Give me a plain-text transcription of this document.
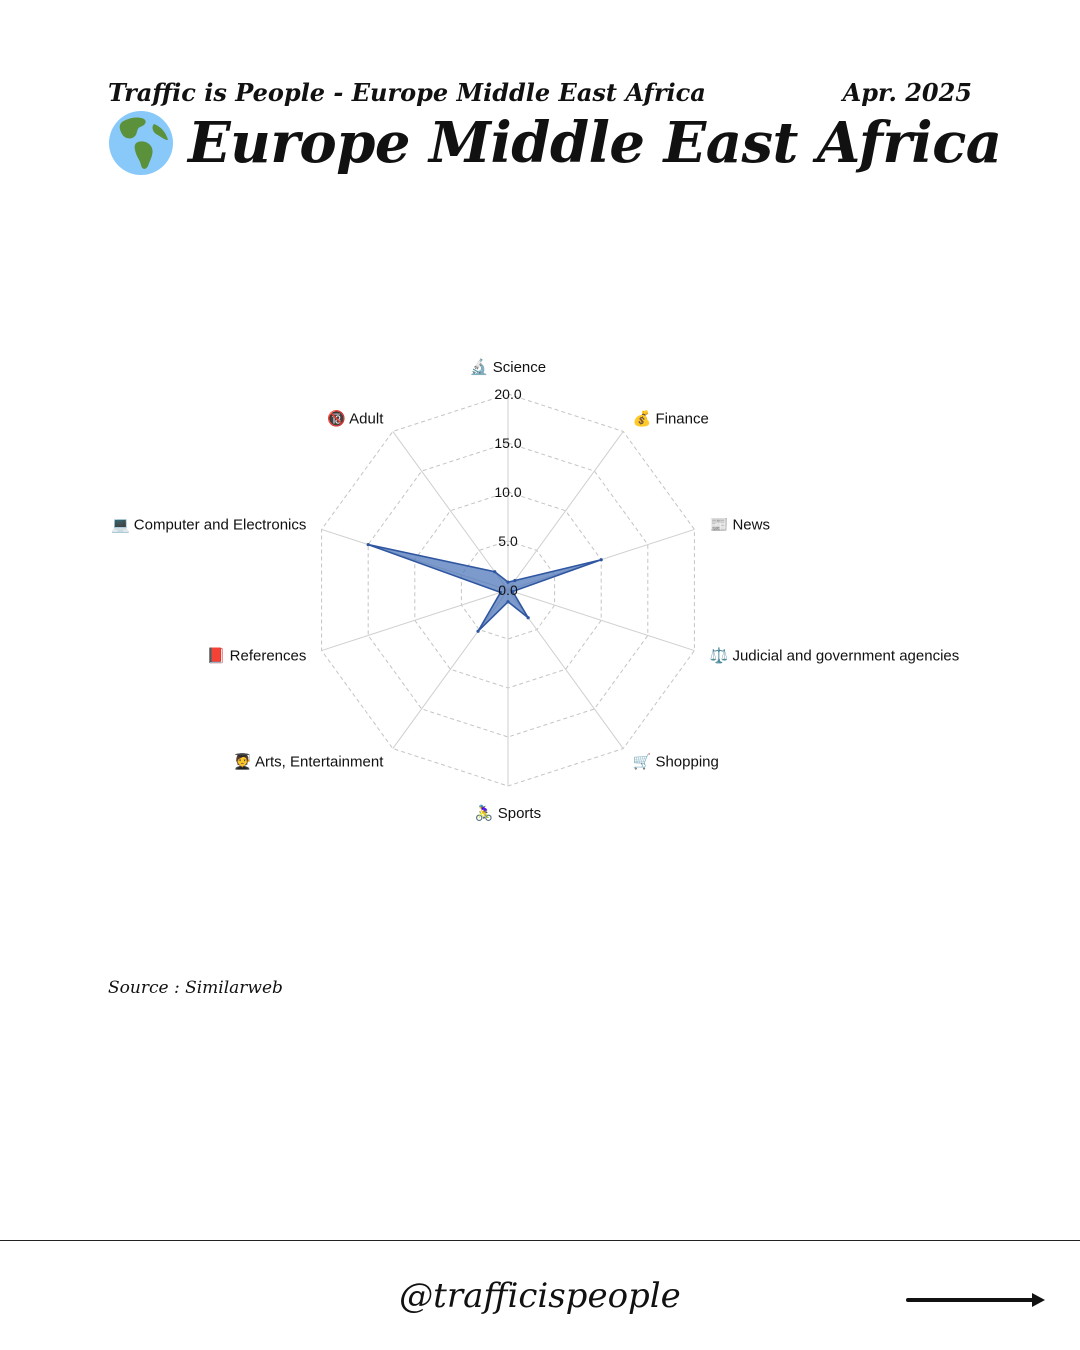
Traffic is People - Europe Middle East Africa	Apr. 2025
Europe Middle East Africa
0.0
5.0
10.0
15.0
20.0
🔬 Science
💰 Finance
📰 News
⚖️ Judicial and government agencies
🛒 Shopping
🚴‍♀️ Sports
🧑‍🎓 Arts, Entertainment
📕 References
💻 Computer and Electronics
🔞 Adult
Source : Similarweb
@trafficispeople
